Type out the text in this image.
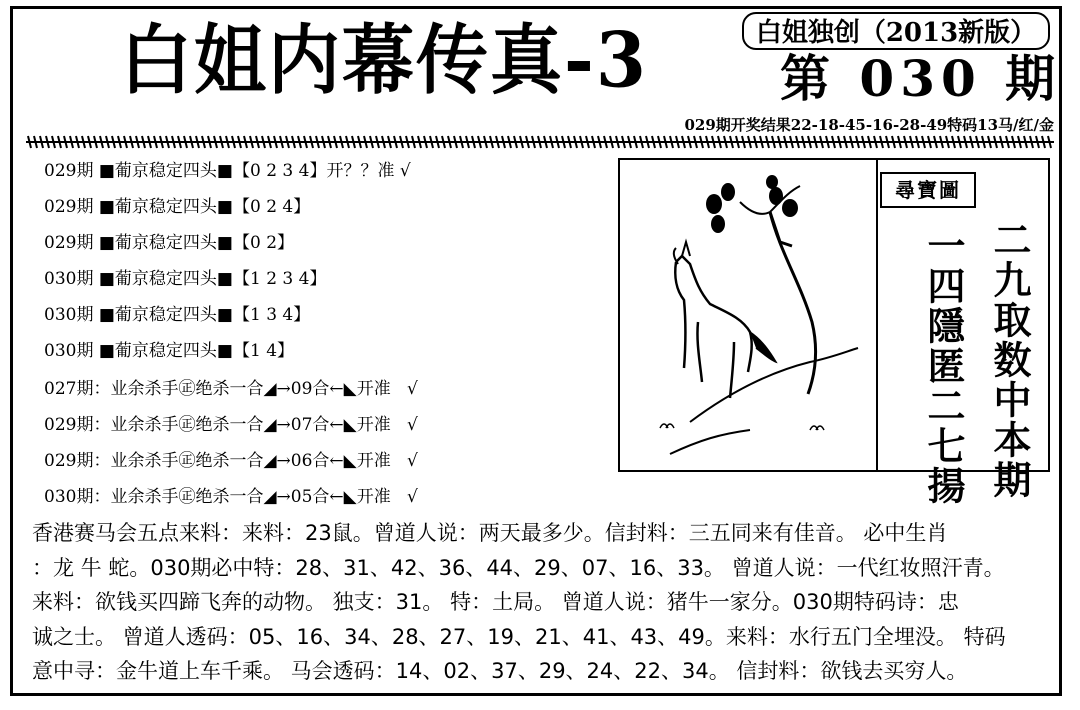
白姐内幕传真-3	白姐独创（2013新版）
第 030 期
029期开奖结果22-18-45-16-28-49特码13马/红/金
029期 ■葡京稳定四头■【0 2 3 4】开？？准 √
029期 ■葡京稳定四头■【0 2 4】
029期 ■葡京稳定四头■【0 2】
030期 ■葡京稳定四头■【1 2 3 4】
030期 ■葡京稳定四头■【1 3 4】
030期 ■葡京稳定四头■【1 4】
027期：业余杀手㊣绝杀一合◢→09合←◣开准 √
029期：业余杀手㊣绝杀一合◢→07合←◣开准 √
029期：业余杀手㊣绝杀一合◢→06合←◣开准 √
030期：业余杀手㊣绝杀一合◢→05合←◣开准 √
尋寶圖
二九取数中本期
一四隱匿二七揚
香港赛马会五点来料：来料：23鼠。曾道人说：两天最多少。信封料：三五同来有佳音。 必中生肖
：龙 牛 蛇。030期必中特：28、31、42、36、44、29、07、16、33。 曾道人说：一代红妆照汗青。
来料：欲钱买四蹄飞奔的动物。 独支：31。 特：土局。 曾道人说：猪牛一家分。030期特码诗：忠
诚之士。 曾道人透码：05、16、34、28、27、19、21、41、43、49。来料：水行五门全埋没。 特码
意中寻：金牛道上车千乘。 马会透码：14、02、37、29、24、22、34。 信封料：欲钱去买穷人。
